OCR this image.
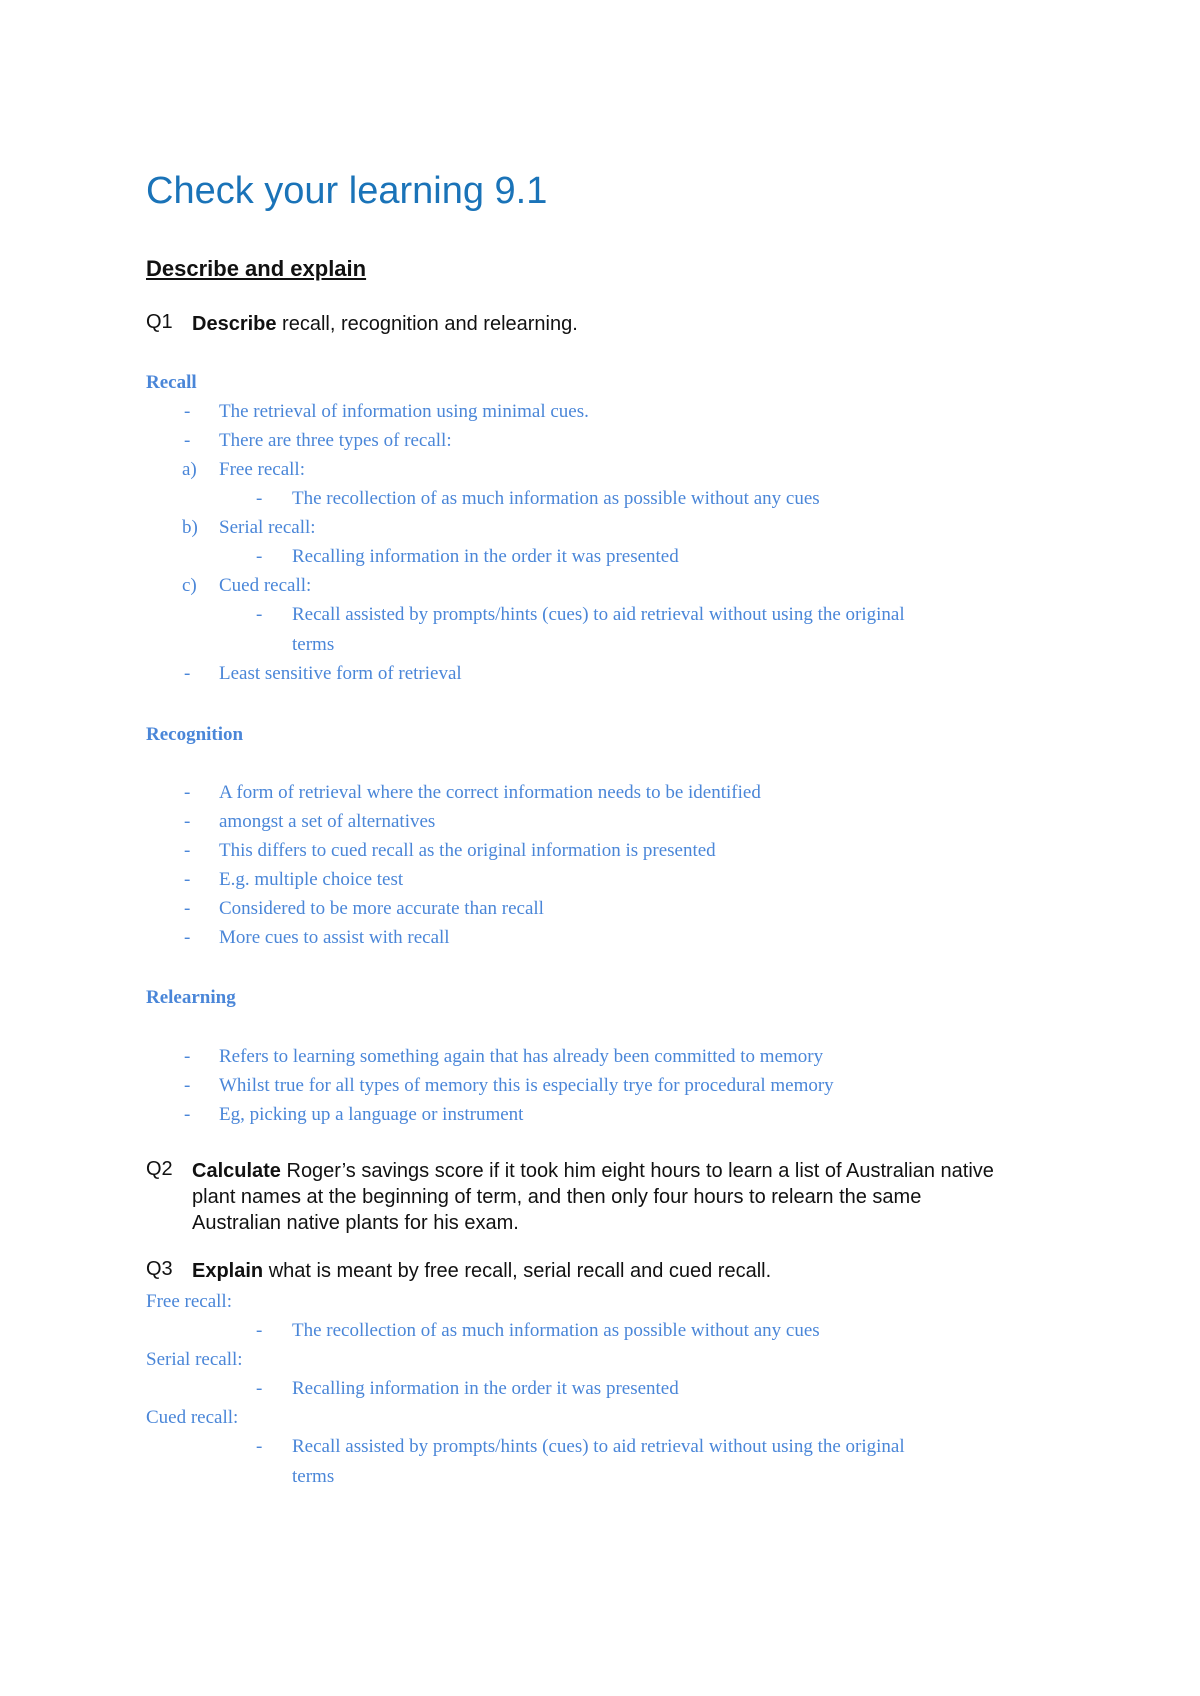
Check your learning 9.1
Describe and explain
Q1 Describe recall, recognition and relearning.
Recall
- The retrieval of information using minimal cues.
- There are three types of recall:
a) Free recall:
- The recollection of as much information as possible without any cues
b) Serial recall:
- Recalling information in the order it was presented
c) Cued recall:
- Recall assisted by prompts/hints (cues) to aid retrieval without using the original
terms
- Least sensitive form of retrieval
Recognition
- A form of retrieval where the correct information needs to be identified
- amongst a set of alternatives
- This differs to cued recall as the original information is presented
- E.g. multiple choice test
- Considered to be more accurate than recall
- More cues to assist with recall
Relearning
- Refers to learning something again that has already been committed to memory
- Whilst true for all types of memory this is especially trye for procedural memory
- Eg, picking up a language or instrument
Q2 Calculate Roger’s savings score if it took him eight hours to learn a list of Australian native plant names at the beginning of term, and then only four hours to relearn the same Australian native plants for his exam.
Q3 Explain what is meant by free recall, serial recall and cued recall.
Free recall:
- The recollection of as much information as possible without any cues
Serial recall:
- Recalling information in the order it was presented
Cued recall:
- Recall assisted by prompts/hints (cues) to aid retrieval without using the original
terms
